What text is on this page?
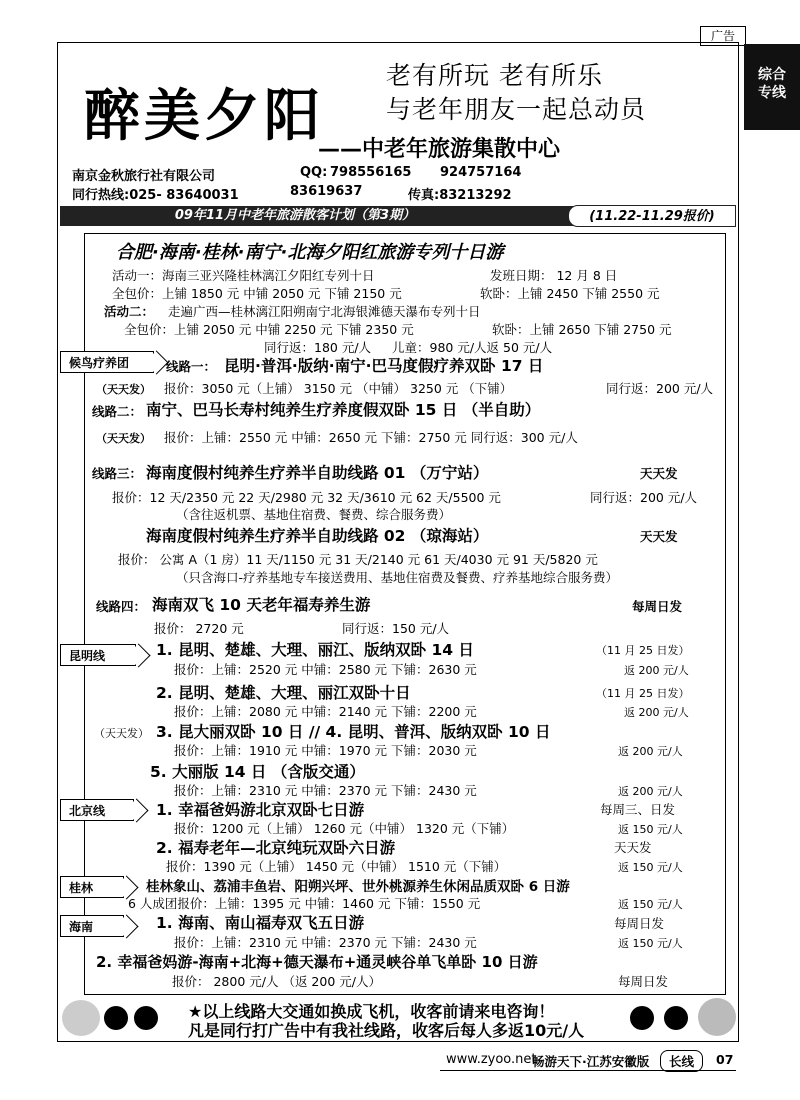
广告
综合
专线
醉美夕阳
老有所玩 老有所乐
与老年朋友一起总动员
——中老年旅游集散中心
南京金秋旅行社有限公司	QQ: 798556165 924757164
同行热线:025- 83640031	83619637	传真:83213292
09年11月中老年旅游散客计划（第3期）	(11.22-11.29报价)
合肥·海南·桂林·南宁·北海夕阳红旅游专列十日游
活动一：海南三亚兴隆桂林漓江夕阳红专列十日	发班日期： 12 月 8 日
全包价：上铺 1850 元 中铺 2050 元 下铺 2150 元	软卧：上铺 2450 下铺 2550 元
活动二： 走遍广西—桂林漓江阳朔南宁北海银滩德天瀑布专列十日
全包价：上铺 2050 元 中铺 2250 元 下铺 2350 元	软卧：上铺 2650 下铺 2750 元
同行返：180 元/人 儿童：980 元/人返 50 元/人
候鸟疗养团	线路一： 昆明·普洱·版纳·南宁·巴马度假疗养双卧 17 日
（天天发） 报价：3050 元（上铺） 3150 元 （中铺） 3250 元 （下铺）	同行返：200 元/人
线路二： 南宁、巴马长寿村纯养生疗养度假双卧 15 日 （半自助）
（天天发） 报价：上铺：2550 元 中铺：2650 元 下铺：2750 元 同行返：300 元/人
线路三： 海南度假村纯养生疗养半自助线路 01 （万宁站）	天天发
报价：12 天/2350 元 22 天/2980 元 32 天/3610 元 62 天/5500 元	同行返：200 元/人
（含往返机票、基地住宿费、餐费、综合服务费）
海南度假村纯养生疗养半自助线路 02 （琼海站）	天天发
报价： 公寓 A（1 房）11 天/1150 元 31 天/2140 元 61 天/4030 元 91 天/5820 元
（只含海口-疗养基地专车接送费用、基地住宿费及餐费、疗养基地综合服务费）
线路四： 海南双飞 10 天老年福寿养生游	每周日发
报价： 2720 元	同行返：150 元/人
昆明线	1. 昆明、楚雄、大理、丽江、版纳双卧 14 日	（11 月 25 日发）
报价：上铺：2520 元 中铺：2580 元 下铺：2630 元	返 200 元/人
2. 昆明、楚雄、大理、丽江双卧十日	（11 月 25 日发）
报价：上铺：2080 元 中铺：2140 元 下铺：2200 元	返 200 元/人
（天天发） 3. 昆大丽双卧 10 日 // 4. 昆明、普洱、版纳双卧 10 日
报价：上铺：1910 元 中铺：1970 元 下铺：2030 元	返 200 元/人
5. 大丽版 14 日 （含版交通）
报价：上铺：2310 元 中铺：2370 元 下铺：2430 元	返 200 元/人
北京线	1. 幸福爸妈游北京双卧七日游	每周三、日发
报价：1200 元（上铺） 1260 元（中铺） 1320 元（下铺）	返 150 元/人
2. 福寿老年—北京纯玩双卧六日游	天天发
报价：1390 元（上铺） 1450 元（中铺） 1510 元（下铺）	返 150 元/人
桂林	桂林象山、荔浦丰鱼岩、阳朔兴坪、世外桃源养生休闲品质双卧 6 日游
6 人成团报价：上铺：1395 元 中铺：1460 元 下铺：1550 元	返 150 元/人
海南	1. 海南、南山福寿双飞五日游	每周日发
报价：上铺：2310 元 中铺：2370 元 下铺：2430 元	返 150 元/人
2. 幸福爸妈游-海南+北海+德天瀑布+通灵峡谷单飞单卧 10 日游
报价： 2800 元/人 （返 200 元/人）	每周日发
★以上线路大交通如换成飞机，收客前请来电咨询！
凡是同行打广告中有我社线路，收客后每人多返10元/人
www.zyoo.net
畅游天下·江苏安徽版	长线	07
